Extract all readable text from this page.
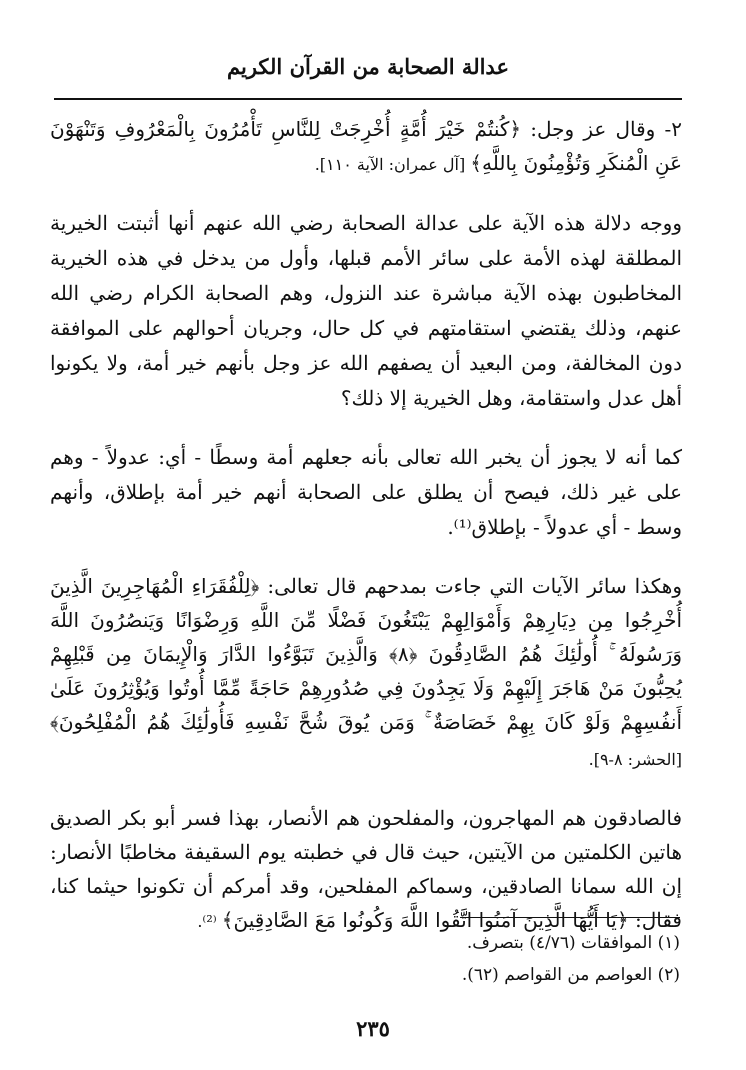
عدالة الصحابة من القرآن الكريم

٢- وقال عز وجل: ﴿كُنتُمْ خَيْرَ أُمَّةٍ أُخْرِجَتْ لِلنَّاسِ تَأْمُرُونَ بِالْمَعْرُوفِ وَتَنْهَوْنَ عَنِ الْمُنكَرِ وَتُؤْمِنُونَ بِاللَّهِ﴾ [آل عمران: الآية ١١٠].

ووجه دلالة هذه الآية على عدالة الصحابة رضي الله عنهم أنها أثبتت الخيرية المطلقة لهذه الأمة على سائر الأمم قبلها، وأول من يدخل في هذه الخيرية المخاطبون بهذه الآية مباشرة عند النزول، وهم الصحابة الكرام رضي الله عنهم، وذلك يقتضي استقامتهم في كل حال، وجريان أحوالهم على الموافقة دون المخالفة، ومن البعيد أن يصفهم الله عز وجل بأنهم خير أمة، ولا يكونوا أهل عدل واستقامة، وهل الخيرية إلا ذلك؟

كما أنه لا يجوز أن يخبر الله تعالى بأنه جعلهم أمة وسطًا - أي: عدولاً - وهم على غير ذلك، فيصح أن يطلق على الصحابة أنهم خير أمة بإطلاق، وأنهم وسط - أي عدولاً - بإطلاق⁽¹⁾.

وهكذا سائر الآيات التي جاءت بمدحهم قال تعالى: ﴿لِلْفُقَرَاءِ الْمُهَاجِرِينَ الَّذِينَ أُخْرِجُوا مِن دِيَارِهِمْ وَأَمْوَالِهِمْ يَبْتَغُونَ فَضْلًا مِّنَ اللَّهِ وَرِضْوَانًا وَيَنصُرُونَ اللَّهَ وَرَسُولَهُ ۚ أُولَٰئِكَ هُمُ الصَّادِقُونَ ﴿٨﴾ وَالَّذِينَ تَبَوَّءُوا الدَّارَ وَالْإِيمَانَ مِن قَبْلِهِمْ يُحِبُّونَ مَنْ هَاجَرَ إِلَيْهِمْ وَلَا يَجِدُونَ فِي صُدُورِهِمْ حَاجَةً مِّمَّا أُوتُوا وَيُؤْثِرُونَ عَلَىٰ أَنفُسِهِمْ وَلَوْ كَانَ بِهِمْ خَصَاصَةٌ ۚ وَمَن يُوقَ شُحَّ نَفْسِهِ فَأُولَٰئِكَ هُمُ الْمُفْلِحُونَ﴾ [الحشر: ٨-٩].

فالصادقون هم المهاجرون، والمفلحون هم الأنصار، بهذا فسر أبو بكر الصديق هاتين الكلمتين من الآيتين، حيث قال في خطبته يوم السقيفة مخاطبًا الأنصار: إن الله سمانا الصادقين، وسماكم المفلحين، وقد أمركم أن تكونوا حيثما كنا، فقال: ﴿يَا أَيُّهَا الَّذِينَ آمَنُوا اتَّقُوا اللَّهَ وَكُونُوا مَعَ الصَّادِقِينَ﴾ ⁽²⁾.

(١) الموافقات (٤/٧٦) بتصرف.

(٢) العواصم من القواصم (٦٢).

٢٣٥
